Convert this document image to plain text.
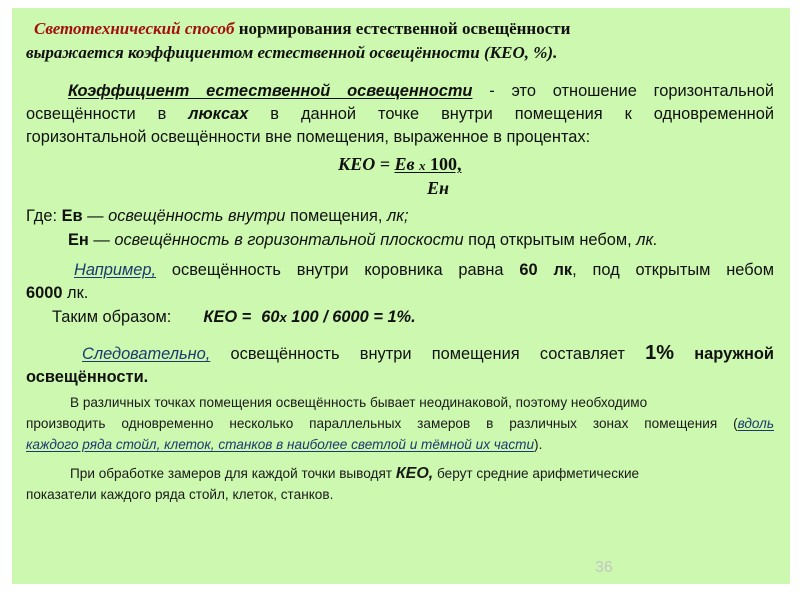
Светотехнический способ нормирования естественной освещённости
выражается коэффициентом естественной освещённости (КЕО, %).
Коэффициент естественной освещенности - это отношение горизонтальной
освещённости в люксах в данной точке внутри помещения к одновременной
горизонтальной освещённости вне помещения, выраженное в процентах:
КЕО = Ев х 100,
Ен
Где: Ев — освещённость внутри помещения, лк;
Ен — освещённость в горизонтальной плоскости под открытым небом, лк.
Например, освещённость внутри коровника равна 60 лк, под открытым небом
6000 лк.
Таким образом: КЕО =60х 100 / 6000 = 1%.
Следовательно, освещённость внутри помещения составляет 1% наружной
освещённости.
В различных точках помещения освещённость бывает неодинаковой, поэтому необходимо
производить одновременно несколько параллельных замеров в различных зонах помещения (вдоль
каждого ряда стойл, клеток, станков в наиболее светлой и тёмной их части).
При обработке замеров для каждой точки выводят КЕО, берут средние арифметические
показатели каждого ряда стойл, клеток, станков.
36
